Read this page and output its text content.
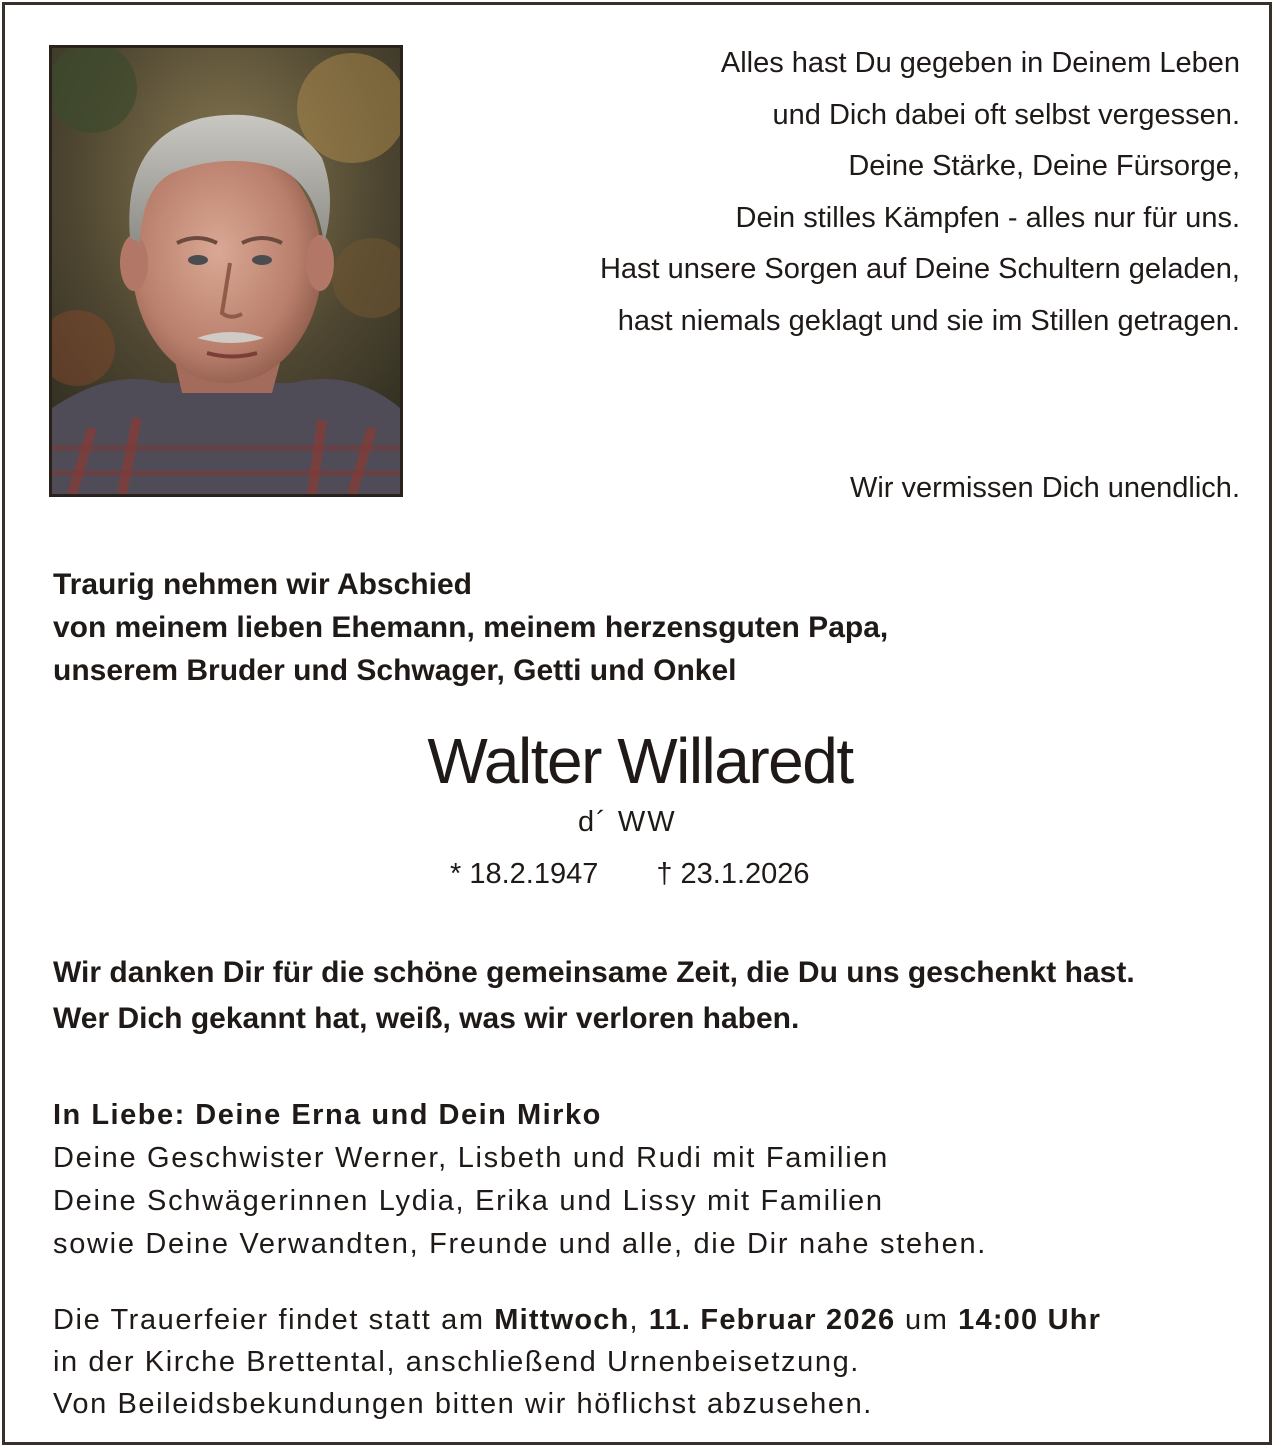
Alles hast Du gegeben in Deinem Leben
und Dich dabei oft selbst vergessen.
Deine Stärke, Deine Fürsorge,
Dein stilles Kämpfen - alles nur für uns.
Hast unsere Sorgen auf Deine Schultern geladen,
hast niemals geklagt und sie im Stillen getragen.
Wir vermissen Dich unendlich.
Traurig nehmen wir Abschied
von meinem lieben Ehemann, meinem herzensguten Papa,
unserem Bruder und Schwager, Getti und Onkel
Walter Willaredt
d´ WW
* 18.2.1947 † 23.1.2026
Wir danken Dir für die schöne gemeinsame Zeit, die Du uns geschenkt hast.
Wer Dich gekannt hat, weiß, was wir verloren haben.
In Liebe: Deine Erna und Dein Mirko
Deine Geschwister Werner, Lisbeth und Rudi mit Familien
Deine Schwägerinnen Lydia, Erika und Lissy mit Familien
sowie Deine Verwandten, Freunde und alle, die Dir nahe stehen.
Die Trauerfeier findet statt am Mittwoch, 11. Februar 2026 um 14:00 Uhr
in der Kirche Brettental, anschließend Urnenbeisetzung.
Von Beileidsbekundungen bitten wir höflichst abzusehen.
